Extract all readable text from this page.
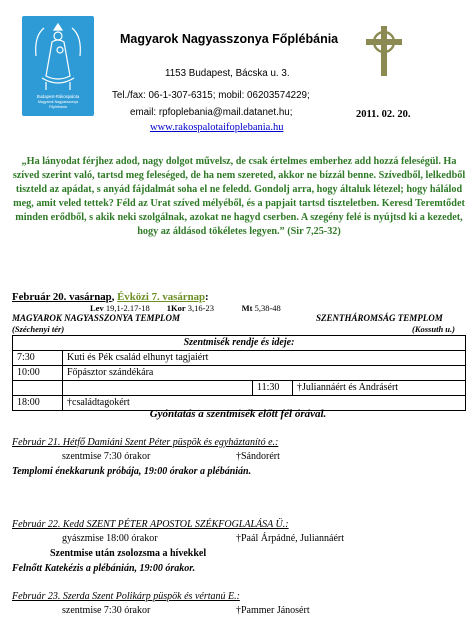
Budapest-Rákospalota
Magyarok Nagyasszonya
Főplébánia
Magyarok Nagyasszonya Főplébánia
1153 Budapest, Bácska u. 3.
Tel./fax: 06-1-307-6315; mobil: 06203574229;
email: rpfoplebania@mail.datanet.hu;
www.rakospalotaifoplebania.hu
2011. 02. 20.
„Ha lányodat férjhez adod, nagy dolgot művelsz, de csak értelmes emberhez add hozzá feleségül. Ha szíved szerint való, tartsd meg feleséged, de ha nem szereted, akkor ne bízzál benne. Szívedből, lelkedből tiszteld az apádat, s anyád fájdalmát soha el ne feledd. Gondolj arra, hogy általuk létezel; hogy hálálod meg, amit veled tettek? Féld az Urat szíved mélyéből, és a papjait tartsd tiszteletben. Keresd Teremtődet minden erődből, s akik neki szolgálnak, azokat ne hagyd cserben. A szegény felé is nyújtsd ki a kezedet, hogy az áldásod tökéletes legyen.” (Sir 7,25-32)
Február 20. vasárnap, Évközi 7. vasárnap:
Lev 19,1-2.17-18 1Kor 3,16-23	Mt 5,38-48
MAGYAROK NAGYASSZONYA TEMPLOM	SZENTHÁROMSÁG TEMPLOM
(Széchenyi tér)	(Kossuth u.)
Szentmisék rendje és ideje:			
7:30	Kuti és Pék család elhunyt tagjaiért		
10:00	Főpásztor szándékára		
		11:30	†Juliannáért és Andrásért
18:00	†családtagokért		
Gyóntatás a szentmisék előtt fél órával.
Február 21. Hétfő Damiáni Szent Péter püspök és egyháztanító e.:
szentmise 7:30 órakor	†Sándorért
Templomi énekkarunk próbája, 19:00 órakor a plébánián.
Február 22. Kedd SZENT PÉTER APOSTOL SZÉKFOGLALÁSA Ü.:
gyászmise 18:00 órakor	†Paál Árpádné, Juliannáért
Szentmise után zsolozsma a hívekkel
Felnőtt Katekézis a plébánián, 19:00 órakor.
Február 23. Szerda Szent Polikárp püspök és vértanú E.:
szentmise 7:30 órakor	†Pammer Jánosért
